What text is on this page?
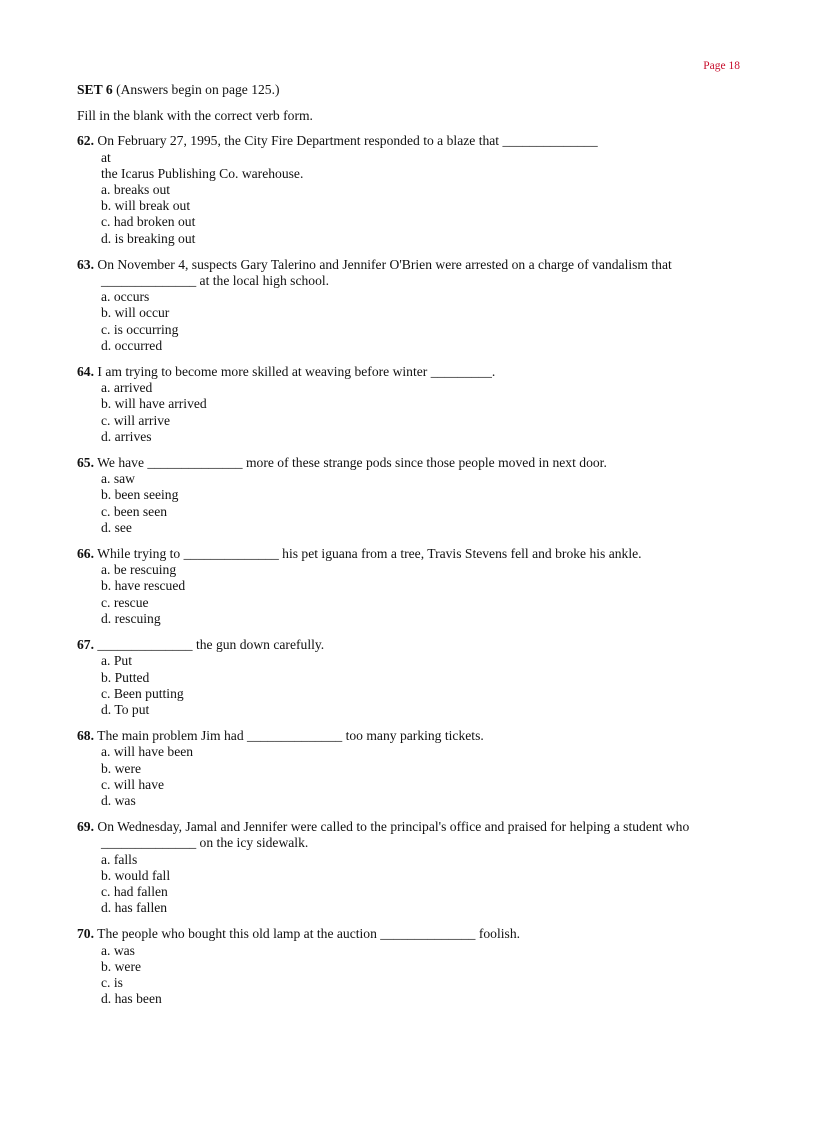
Page 18
SET 6 (Answers begin on page 125.)
Fill in the blank with the correct verb form.
62. On February 27, 1995, the City Fire Department responded to a blaze that ______________
at
the Icarus Publishing Co. warehouse.
a. breaks out
b. will break out
c. had broken out
d. is breaking out
63. On November 4, suspects Gary Talerino and Jennifer O'Brien were arrested on a charge of vandalism that ______________ at the local high school.
a. occurs
b. will occur
c. is occurring
d. occurred
64. I am trying to become more skilled at weaving before winter _________.
a. arrived
b. will have arrived
c. will arrive
d. arrives
65. We have ______________ more of these strange pods since those people moved in next door.
a. saw
b. been seeing
c. been seen
d. see
66. While trying to ______________ his pet iguana from a tree, Travis Stevens fell and broke his ankle.
a. be rescuing
b. have rescued
c. rescue
d. rescuing
67. ______________ the gun down carefully.
a. Put
b. Putted
c. Been putting
d. To put
68. The main problem Jim had ______________ too many parking tickets.
a. will have been
b. were
c. will have
d. was
69. On Wednesday, Jamal and Jennifer were called to the principal's office and praised for helping a student who ______________ on the icy sidewalk.
a. falls
b. would fall
c. had fallen
d. has fallen
70. The people who bought this old lamp at the auction ______________ foolish.
a. was
b. were
c. is
d. has been
